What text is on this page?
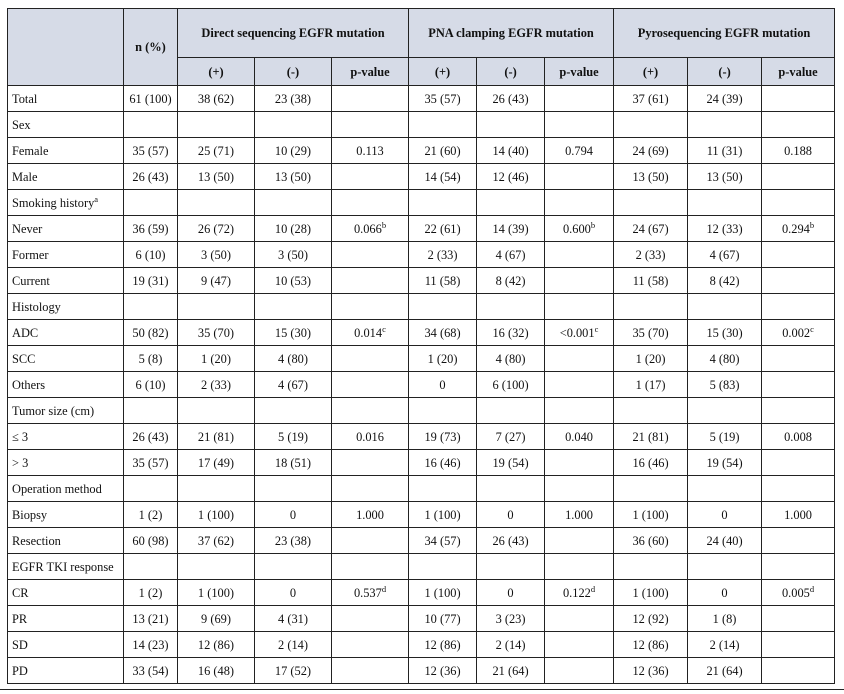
	n (%)	Direct sequencing EGFR mutation			PNA clamping EGFR mutation			Pyrosequencing EGFR mutation		
		(+)	(-)	p-value	(+)	(-)	p-value	(+)	(-)	p-value
Total	61 (100)	38 (62)	23 (38)		35 (57)	26 (43)		37 (61)	24 (39)	
Sex										
Female	35 (57)	25 (71)	10 (29)	0.113	21 (60)	14 (40)	0.794	24 (69)	11 (31)	0.188
Male	26 (43)	13 (50)	13 (50)		14 (54)	12 (46)		13 (50)	13 (50)	
Smoking history$^a$										
Never	36 (59)	26 (72)	10 (28)	0.066$^b$	22 (61)	14 (39)	0.600$^b$	24 (67)	12 (33)	0.294$^b$
Former	6 (10)	3 (50)	3 (50)		2 (33)	4 (67)		2 (33)	4 (67)	
Current	19 (31)	9 (47)	10 (53)		11 (58)	8 (42)		11 (58)	8 (42)	
Histology										
ADC	50 (82)	35 (70)	15 (30)	0.014$^c$	34 (68)	16 (32)	<0.001$^c$	35 (70)	15 (30)	0.002$^c$
SCC	5 (8)	1 (20)	4 (80)		1 (20)	4 (80)		1 (20)	4 (80)	
Others	6 (10)	2 (33)	4 (67)		0	6 (100)		1 (17)	5 (83)	
Tumor size (cm)										
≤ 3	26 (43)	21 (81)	5 (19)	0.016	19 (73)	7 (27)	0.040	21 (81)	5 (19)	0.008
> 3	35 (57)	17 (49)	18 (51)		16 (46)	19 (54)		16 (46)	19 (54)	
Operation method										
Biopsy	1 (2)	1 (100)	0	1.000	1 (100)	0	1.000	1 (100)	0	1.000
Resection	60 (98)	37 (62)	23 (38)		34 (57)	26 (43)		36 (60)	24 (40)	
EGFR TKI response										
CR	1 (2)	1 (100)	0	0.537$^d$	1 (100)	0	0.122$^d$	1 (100)	0	0.005$^d$
PR	13 (21)	9 (69)	4 (31)		10 (77)	3 (23)		12 (92)	1 (8)	
SD	14 (23)	12 (86)	2 (14)		12 (86)	2 (14)		12 (86)	2 (14)	
PD	33 (54)	16 (48)	17 (52)		12 (36)	21 (64)		12 (36)	21 (64)	
